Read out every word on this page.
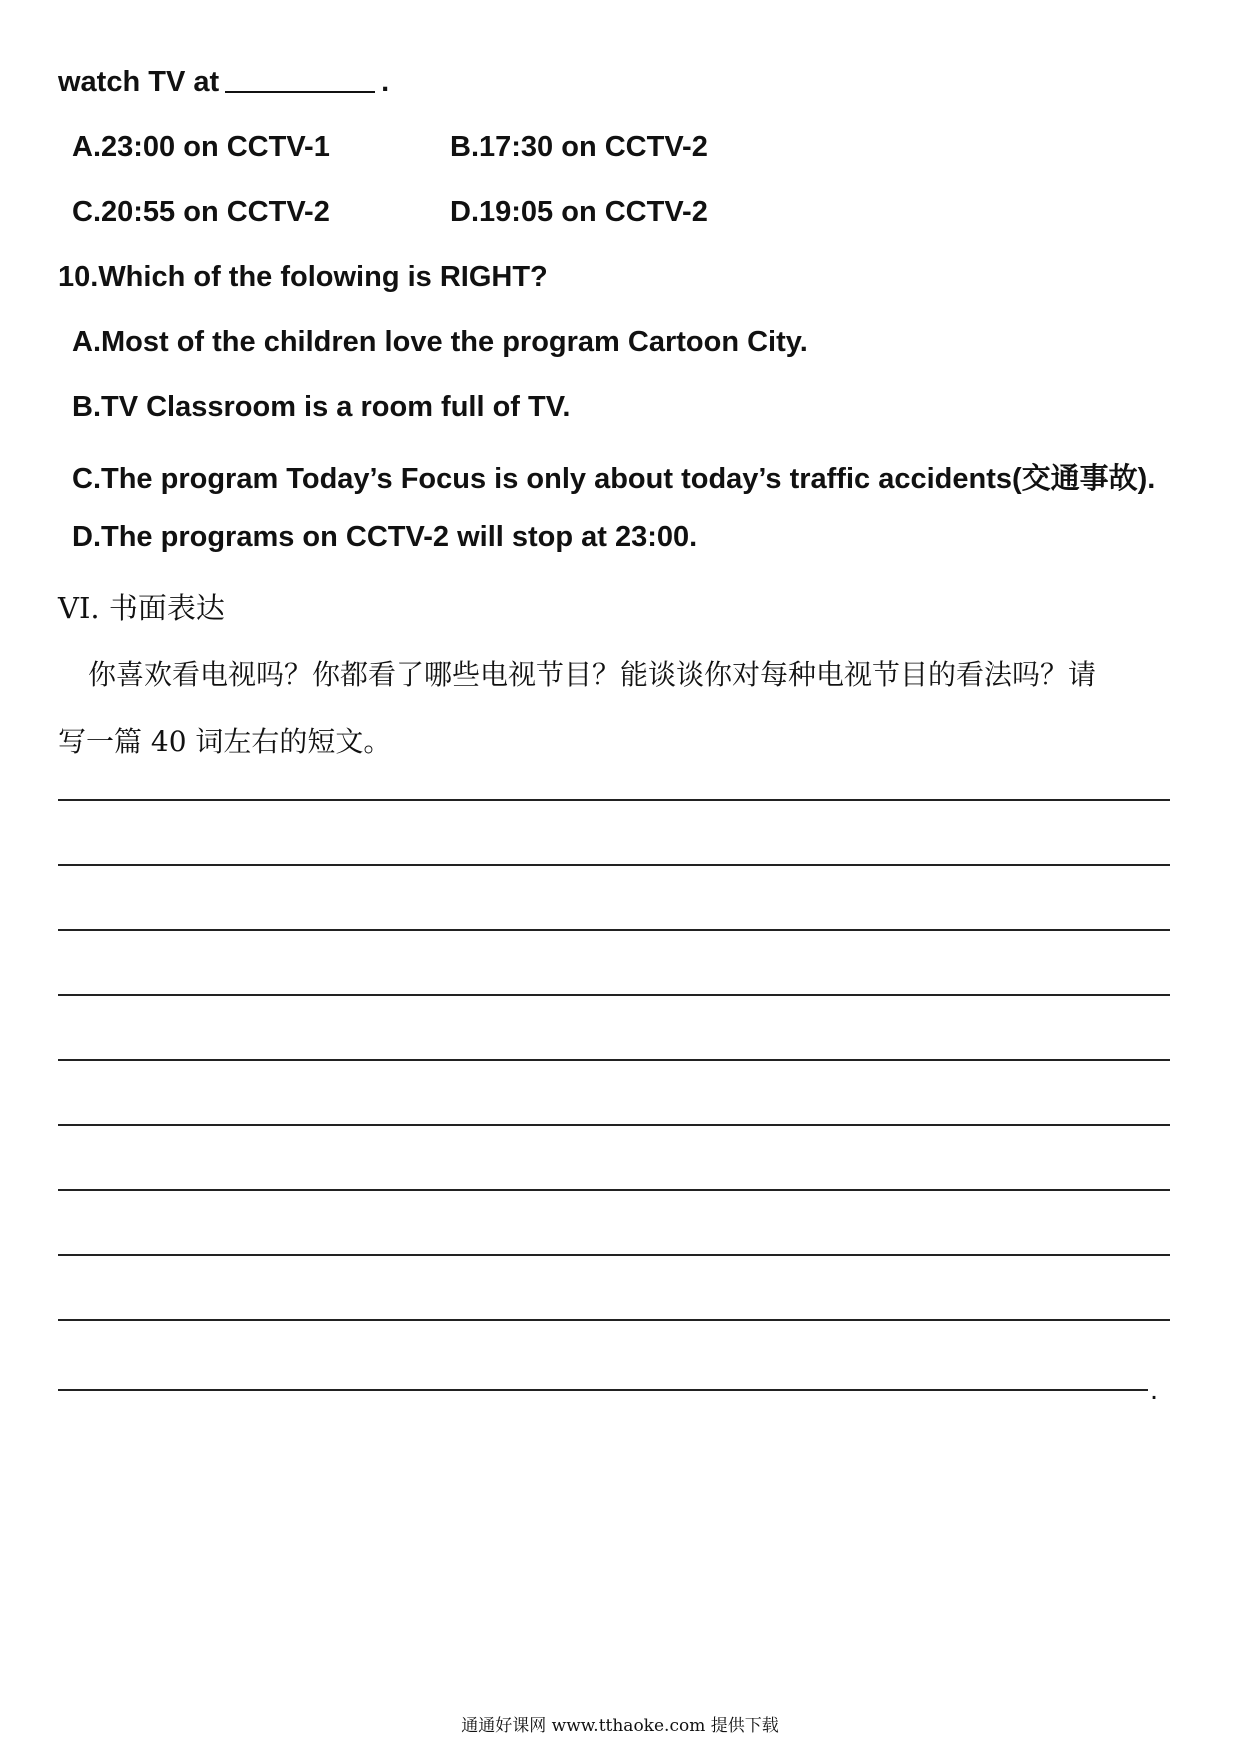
watch TV at	.
A.23:00 on CCTV-1	B.17:30 on CCTV-2
C.20:55 on CCTV-2	D.19:05 on CCTV-2
10.Which of the folowing is RIGHT?
A.Most of the children love the program Cartoon City.
B.TV Classroom is a room full of TV.
C.The program Today’s Focus is only about today’s traffic accidents(交通事故).
D.The programs on CCTV-2 will stop at 23:00.
VI. 书面表达
你喜欢看电视吗？你都看了哪些电视节目？能谈谈你对每种电视节目的看法吗？请
写一篇 40 词左右的短文。
.
通通好课网 www.tthaoke.com 提供下载
